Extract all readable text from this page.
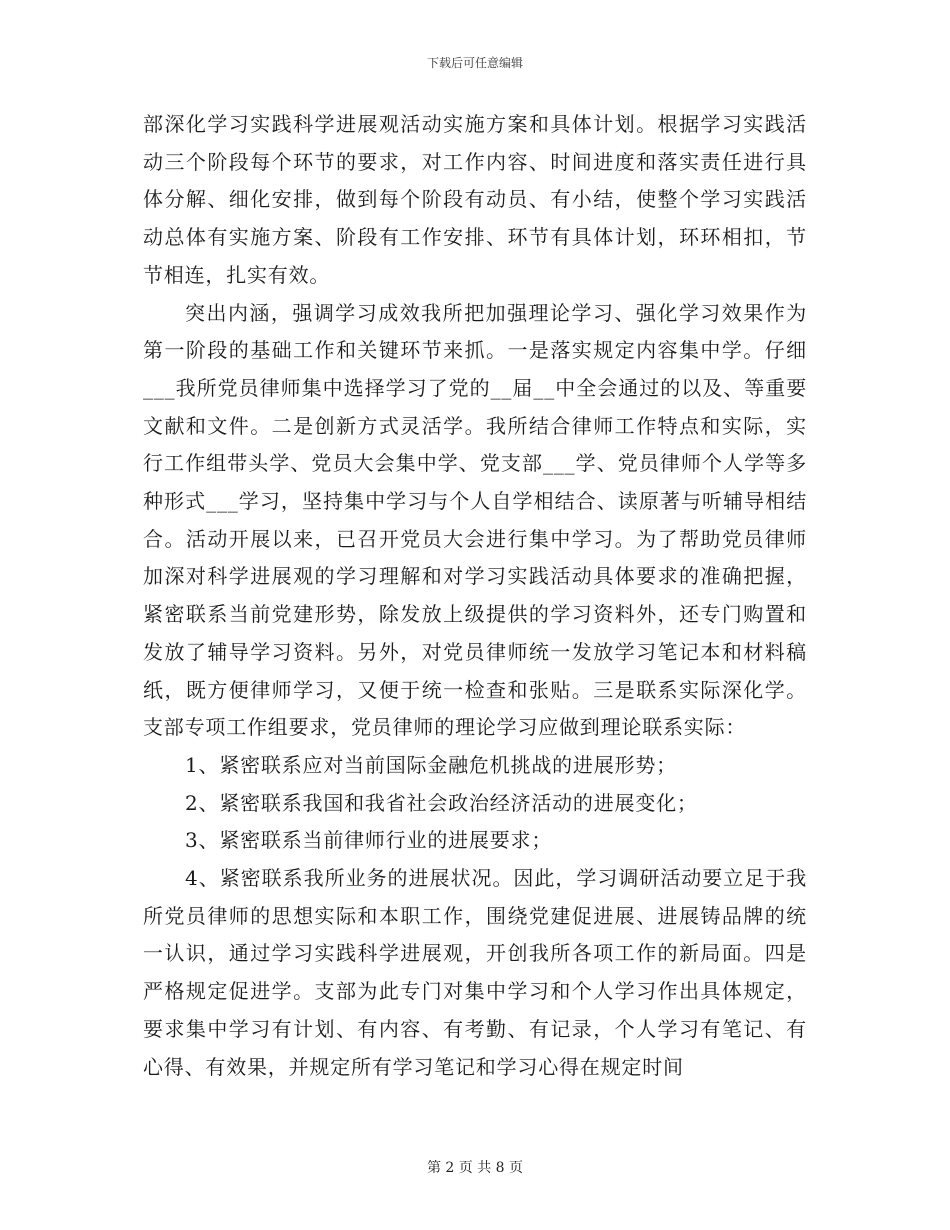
下载后可任意编辑

部深化学习实践科学进展观活动实施方案和具体计划。根据学习实践活动三个阶段每个环节的要求，对工作内容、时间进度和落实责任进行具体分解、细化安排，做到每个阶段有动员、有小结，使整个学习实践活动总体有实施方案、阶段有工作安排、环节有具体计划，环环相扣，节节相连，扎实有效。

突出内涵，强调学习成效我所把加强理论学习、强化学习效果作为第一阶段的基础工作和关键环节来抓。一是落实规定内容集中学。仔细___我所党员律师集中选择学习了党的__届__中全会通过的以及、等重要文献和文件。二是创新方式灵活学。我所结合律师工作特点和实际，实行工作组带头学、党员大会集中学、党支部___学、党员律师个人学等多种形式___学习，坚持集中学习与个人自学相结合、读原著与听辅导相结合。活动开展以来，已召开党员大会进行集中学习。为了帮助党员律师加深对科学进展观的学习理解和对学习实践活动具体要求的准确把握，紧密联系当前党建形势，除发放上级提供的学习资料外，还专门购置和发放了辅导学习资料。另外，对党员律师统一发放学习笔记本和材料稿纸，既方便律师学习，又便于统一检查和张贴。三是联系实际深化学。支部专项工作组要求，党员律师的理论学习应做到理论联系实际：

1、紧密联系应对当前国际金融危机挑战的进展形势；

2、紧密联系我国和我省社会政治经济活动的进展变化；

3、紧密联系当前律师行业的进展要求；

4、紧密联系我所业务的进展状况。因此，学习调研活动要立足于我所党员律师的思想实际和本职工作，围绕党建促进展、进展铸品牌的统一认识，通过学习实践科学进展观，开创我所各项工作的新局面。四是严格规定促进学。支部为此专门对集中学习和个人学习作出具体规定，要求集中学习有计划、有内容、有考勤、有记录，个人学习有笔记、有心得、有效果，并规定所有学习笔记和学习心得在规定时间

第 2 页 共 8 页
